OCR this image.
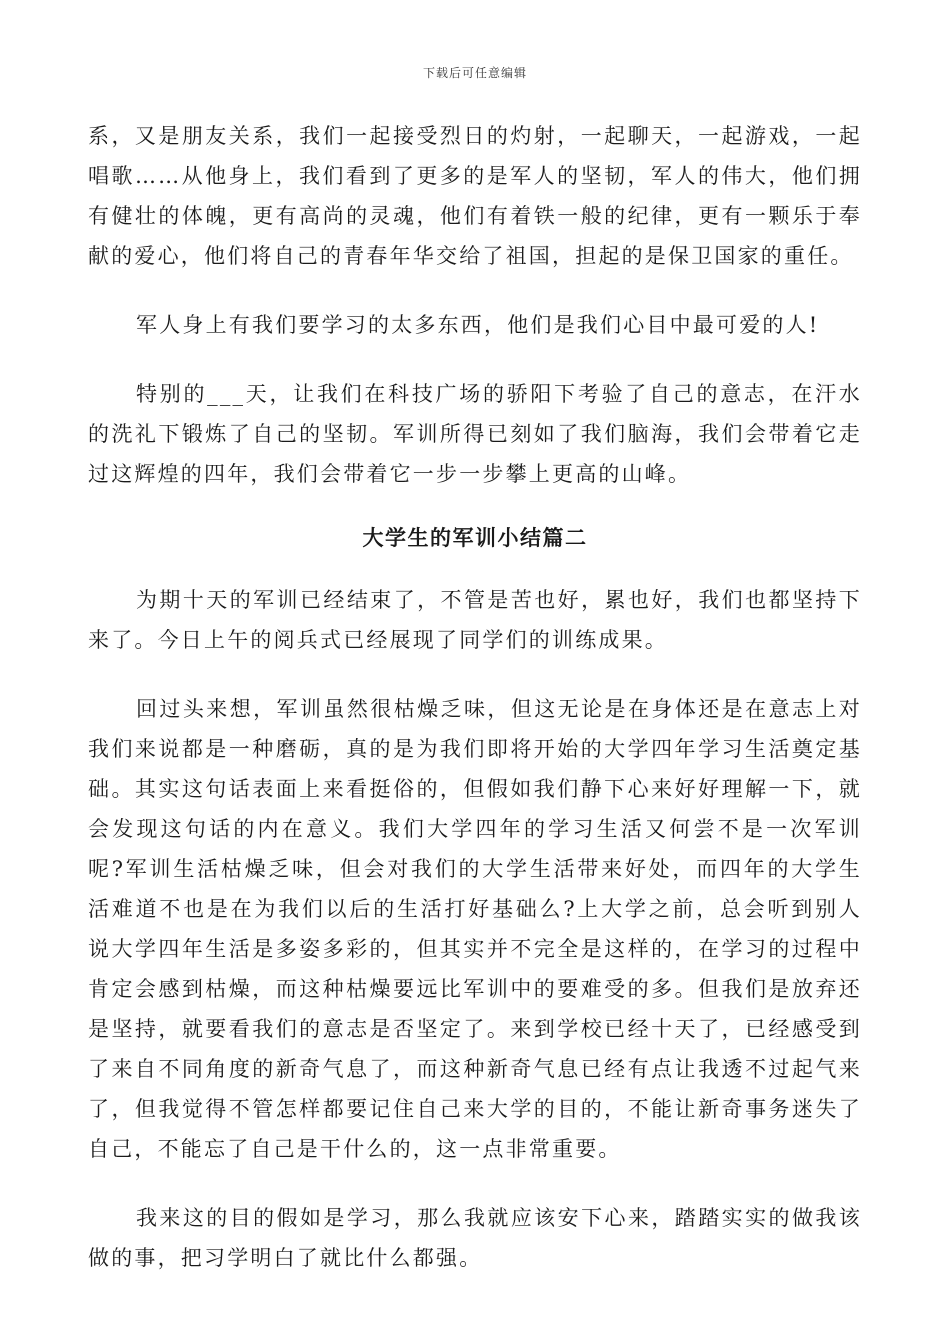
下载后可任意编辑

系，又是朋友关系，我们一起接受烈日的灼射，一起聊天，一起游戏，一起唱歌……从他身上，我们看到了更多的是军人的坚韧，军人的伟大，他们拥有健壮的体魄，更有高尚的灵魂，他们有着铁一般的纪律，更有一颗乐于奉献的爱心，他们将自己的青春年华交给了祖国，担起的是保卫国家的重任。

军人身上有我们要学习的太多东西，他们是我们心目中最可爱的人!

特别的___天，让我们在科技广场的骄阳下考验了自己的意志，在汗水的洗礼下锻炼了自己的坚韧。军训所得已刻如了我们脑海，我们会带着它走过这辉煌的四年，我们会带着它一步一步攀上更高的山峰。

大学生的军训小结篇二

为期十天的军训已经结束了，不管是苦也好，累也好，我们也都坚持下来了。今日上午的阅兵式已经展现了同学们的训练成果。

回过头来想，军训虽然很枯燥乏味，但这无论是在身体还是在意志上对我们来说都是一种磨砺，真的是为我们即将开始的大学四年学习生活奠定基础。其实这句话表面上来看挺俗的，但假如我们静下心来好好理解一下，就会发现这句话的内在意义。我们大学四年的学习生活又何尝不是一次军训呢?军训生活枯燥乏味，但会对我们的大学生活带来好处，而四年的大学生活难道不也是在为我们以后的生活打好基础么?上大学之前，总会听到别人说大学四年生活是多姿多彩的，但其实并不完全是这样的，在学习的过程中肯定会感到枯燥，而这种枯燥要远比军训中的要难受的多。但我们是放弃还是坚持，就要看我们的意志是否坚定了。来到学校已经十天了，已经感受到了来自不同角度的新奇气息了，而这种新奇气息已经有点让我透不过起气来了，但我觉得不管怎样都要记住自己来大学的目的，不能让新奇事务迷失了自己，不能忘了自己是干什么的，这一点非常重要。

我来这的目的假如是学习，那么我就应该安下心来，踏踏实实的做我该做的事，把习学明白了就比什么都强。
